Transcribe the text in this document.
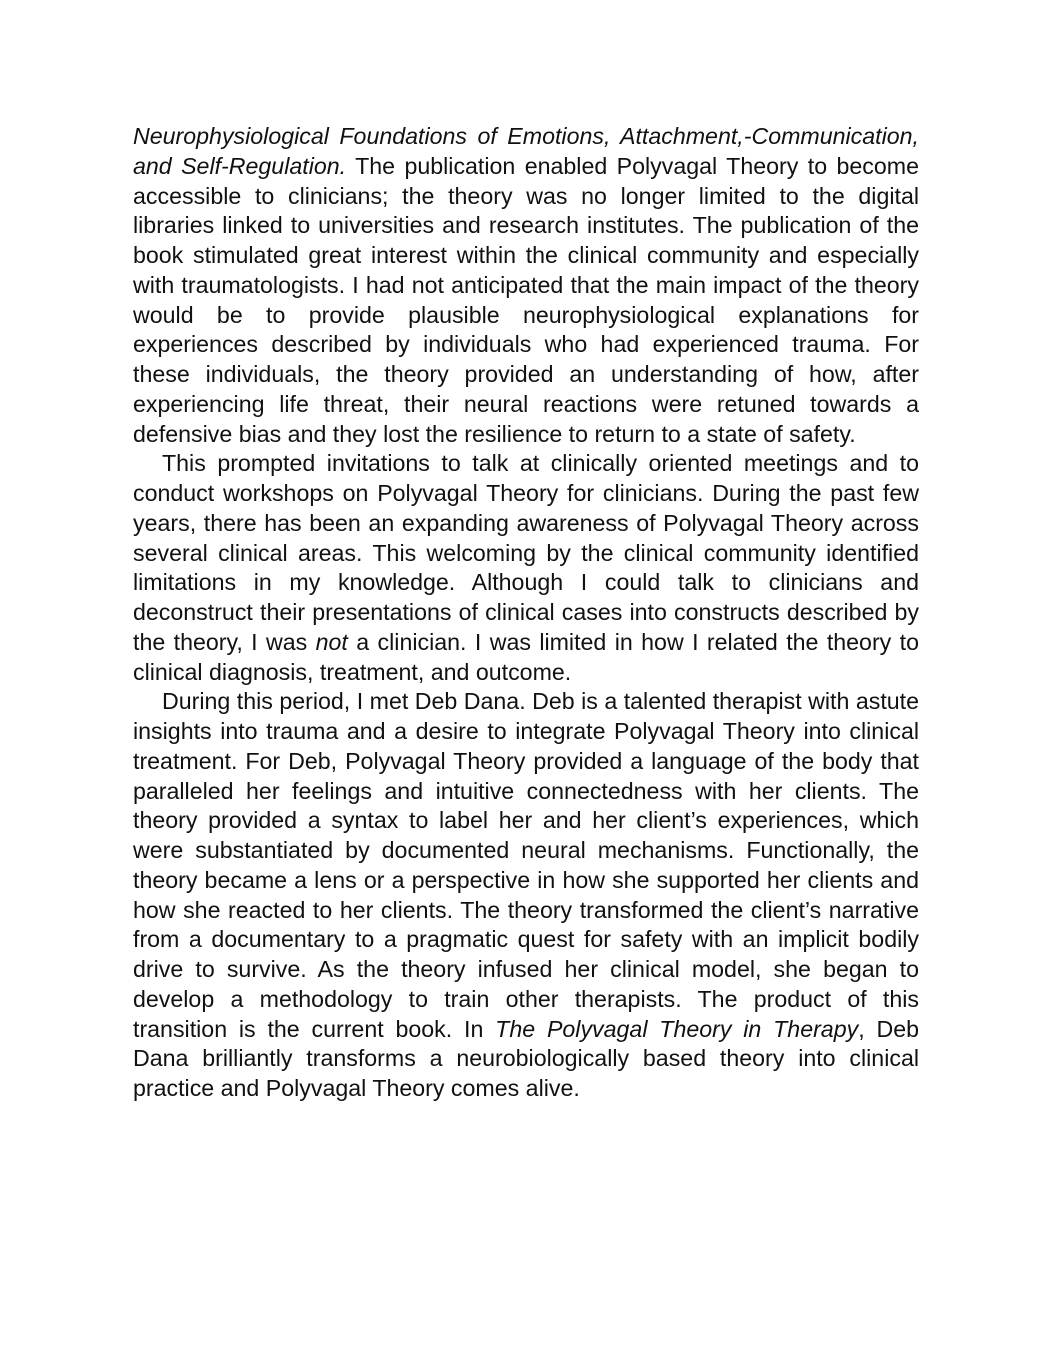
Neurophysiological Foundations of Emotions, Attachment,-Communication, and Self-Regulation. The publication enabled Polyvagal Theory to become accessible to clinicians; the theory was no longer limited to the digital libraries linked to universities and research institutes. The publication of the book stimulated great interest within the clinical community and especially with traumatologists. I had not anticipated that the main impact of the theory would be to provide plausible neurophysiological explanations for experiences described by individuals who had experienced trauma. For these individuals, the theory provided an understanding of how, after experiencing life threat, their neural reactions were retuned towards a defensive bias and they lost the resilience to return to a state of safety.

This prompted invitations to talk at clinically oriented meetings and to conduct workshops on Polyvagal Theory for clinicians. During the past few years, there has been an expanding awareness of Polyvagal Theory across several clinical areas. This welcoming by the clinical community identified limitations in my knowledge. Although I could talk to clinicians and deconstruct their presentations of clinical cases into constructs described by the theory, I was not a clinician. I was limited in how I related the theory to clinical diagnosis, treatment, and outcome.

During this period, I met Deb Dana. Deb is a talented therapist with astute insights into trauma and a desire to integrate Polyvagal Theory into clinical treatment. For Deb, Polyvagal Theory provided a language of the body that paralleled her feelings and intuitive connectedness with her clients. The theory provided a syntax to label her and her client’s experiences, which were substantiated by documented neural mechanisms. Functionally, the theory became a lens or a perspective in how she supported her clients and how she reacted to her clients. The theory transformed the client’s narrative from a documentary to a pragmatic quest for safety with an implicit bodily drive to survive. As the theory infused her clinical model, she began to develop a methodology to train other therapists. The product of this transition is the current book. In The Polyvagal Theory in Therapy, Deb Dana brilliantly transforms a neurobiologically based theory into clinical practice and Polyvagal Theory comes alive.
